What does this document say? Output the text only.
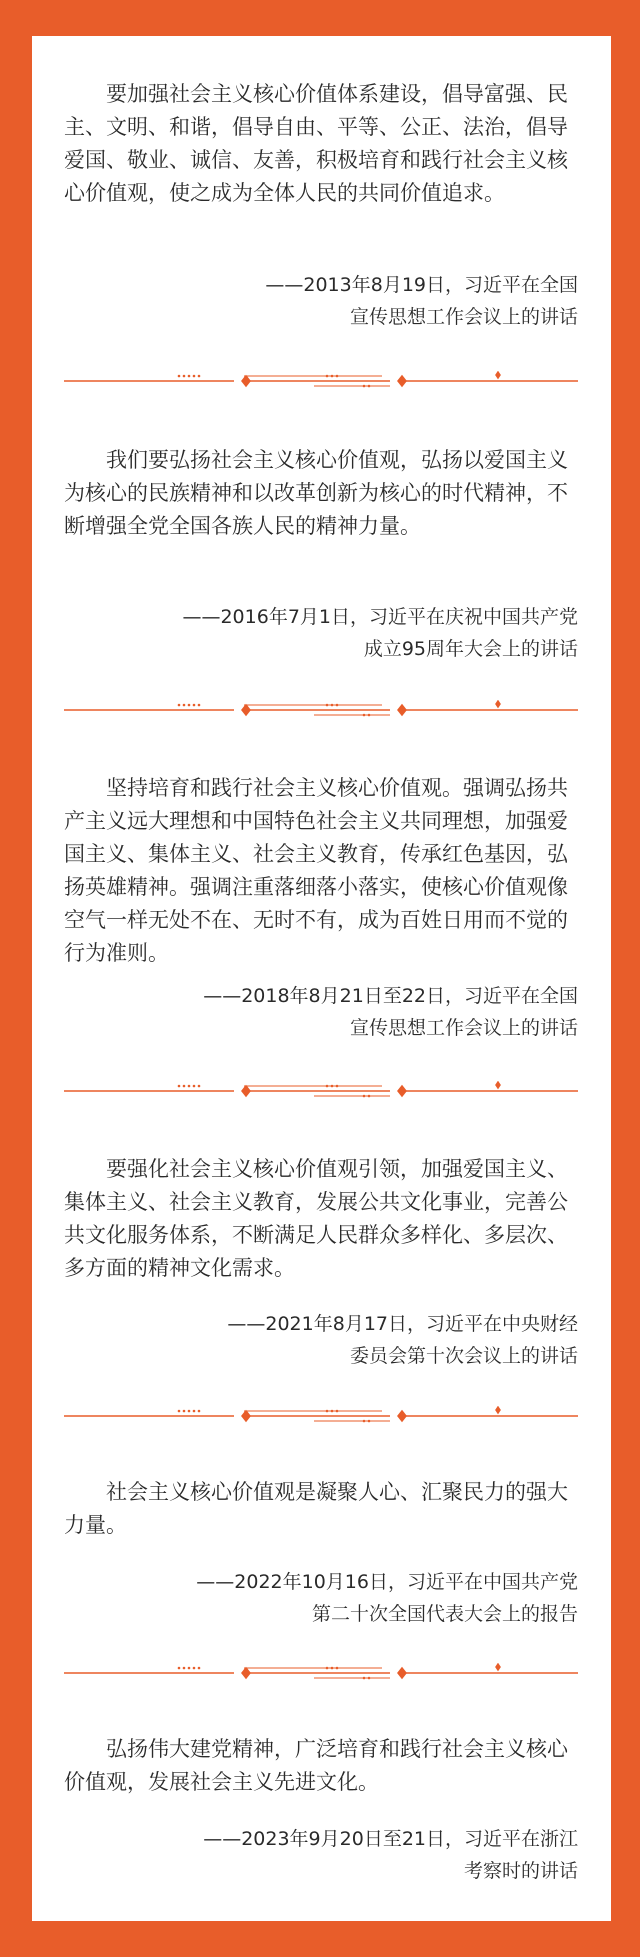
要加强社会主义核心价值体系建设，倡导富强、民主、文明、和谐，倡导自由、平等、公正、法治，倡导爱国、敬业、诚信、友善，积极培育和践行社会主义核心价值观，使之成为全体人民的共同价值追求。

——2013年8月19日，习近平在全国
宣传思想工作会议上的讲话

我们要弘扬社会主义核心价值观，弘扬以爱国主义为核心的民族精神和以改革创新为核心的时代精神，不断增强全党全国各族人民的精神力量。

——2016年7月1日，习近平在庆祝中国共产党
成立95周年大会上的讲话

坚持培育和践行社会主义核心价值观。强调弘扬共产主义远大理想和中国特色社会主义共同理想，加强爱国主义、集体主义、社会主义教育，传承红色基因，弘扬英雄精神。强调注重落细落小落实，使核心价值观像空气一样无处不在、无时不有，成为百姓日用而不觉的行为准则。

——2018年8月21日至22日，习近平在全国
宣传思想工作会议上的讲话

要强化社会主义核心价值观引领，加强爱国主义、集体主义、社会主义教育，发展公共文化事业，完善公共文化服务体系，不断满足人民群众多样化、多层次、多方面的精神文化需求。

——2021年8月17日，习近平在中央财经
委员会第十次会议上的讲话

社会主义核心价值观是凝聚人心、汇聚民力的强大力量。

——2022年10月16日，习近平在中国共产党
第二十次全国代表大会上的报告

弘扬伟大建党精神，广泛培育和践行社会主义核心价值观，发展社会主义先进文化。

——2023年9月20日至21日，习近平在浙江
考察时的讲话
